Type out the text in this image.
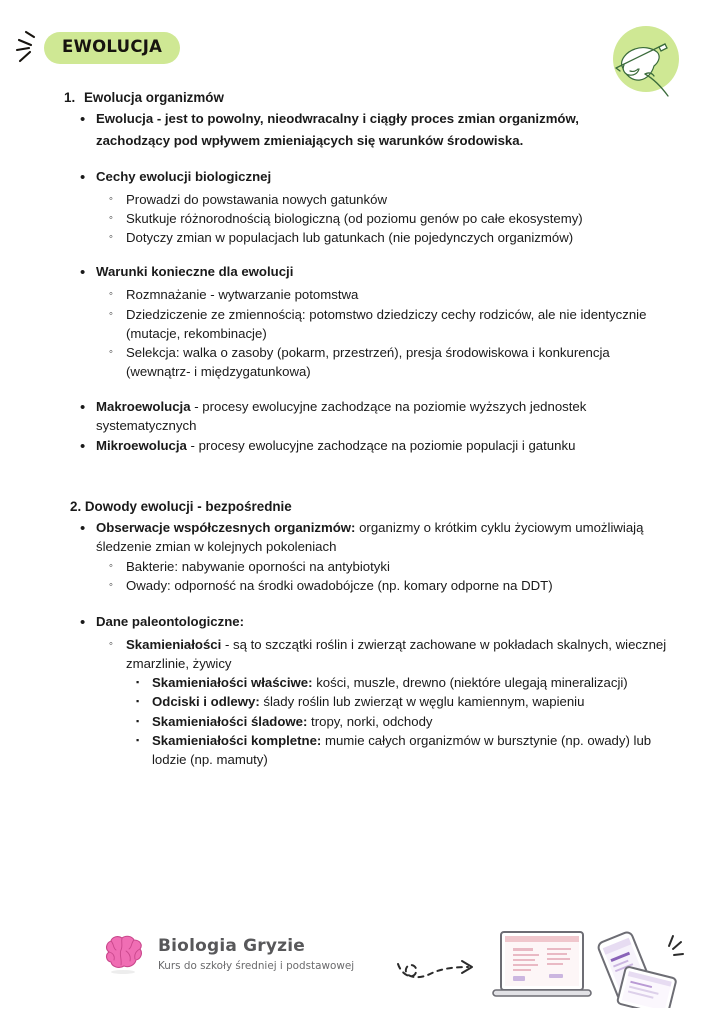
EWOLUCJA
1. Ewolucja organizmów
• Ewolucja - jest to powolny, nieodwracalny i ciągły proces zmian organizmów,
zachodzący pod wpływem zmieniających się warunków środowiska.
• Cechy ewolucji biologicznej
◦ Prowadzi do powstawania nowych gatunków
◦ Skutkuje różnorodnością biologiczną (od poziomu genów po całe ekosystemy)
◦ Dotyczy zmian w populacjach lub gatunkach (nie pojedynczych organizmów)
• Warunki konieczne dla ewolucji
◦ Rozmnażanie - wytwarzanie potomstwa
◦ Dziedziczenie ze zmiennością: potomstwo dziedziczy cechy rodziców, ale nie identycznie (mutacje, rekombinacje)
◦ Selekcja: walka o zasoby (pokarm, przestrzeń), presja środowiskowa i konkurencja (wewnątrz- i międzygatunkowa)
• Makroewolucja - procesy ewolucyjne zachodzące na poziomie wyższych jednostek systematycznych
• Mikroewolucja - procesy ewolucyjne zachodzące na poziomie populacji i gatunku
2. Dowody ewolucji - bezpośrednie
• Obserwacje współczesnych organizmów: organizmy o krótkim cyklu życiowym umożliwiają śledzenie zmian w kolejnych pokoleniach
◦ Bakterie: nabywanie oporności na antybiotyki
◦ Owady: odporność na środki owadobójcze (np. komary odporne na DDT)
• Dane paleontologiczne:
◦ Skamieniałości - są to szczątki roślin i zwierząt zachowane w pokładach skalnych, wiecznej zmarzlinie, żywicy
▪ Skamieniałości właściwe: kości, muszle, drewno (niektóre ulegają mineralizacji)
▪ Odciski i odlewy: ślady roślin lub zwierząt w węglu kamiennym, wapieniu
▪ Skamieniałości śladowe: tropy, norki, odchody
▪ Skamieniałości kompletne: mumie całych organizmów w bursztynie (np. owady) lub lodzie (np. mamuty)
Biologia Gryzie
Kurs do szkoły średniej i podstawowej
